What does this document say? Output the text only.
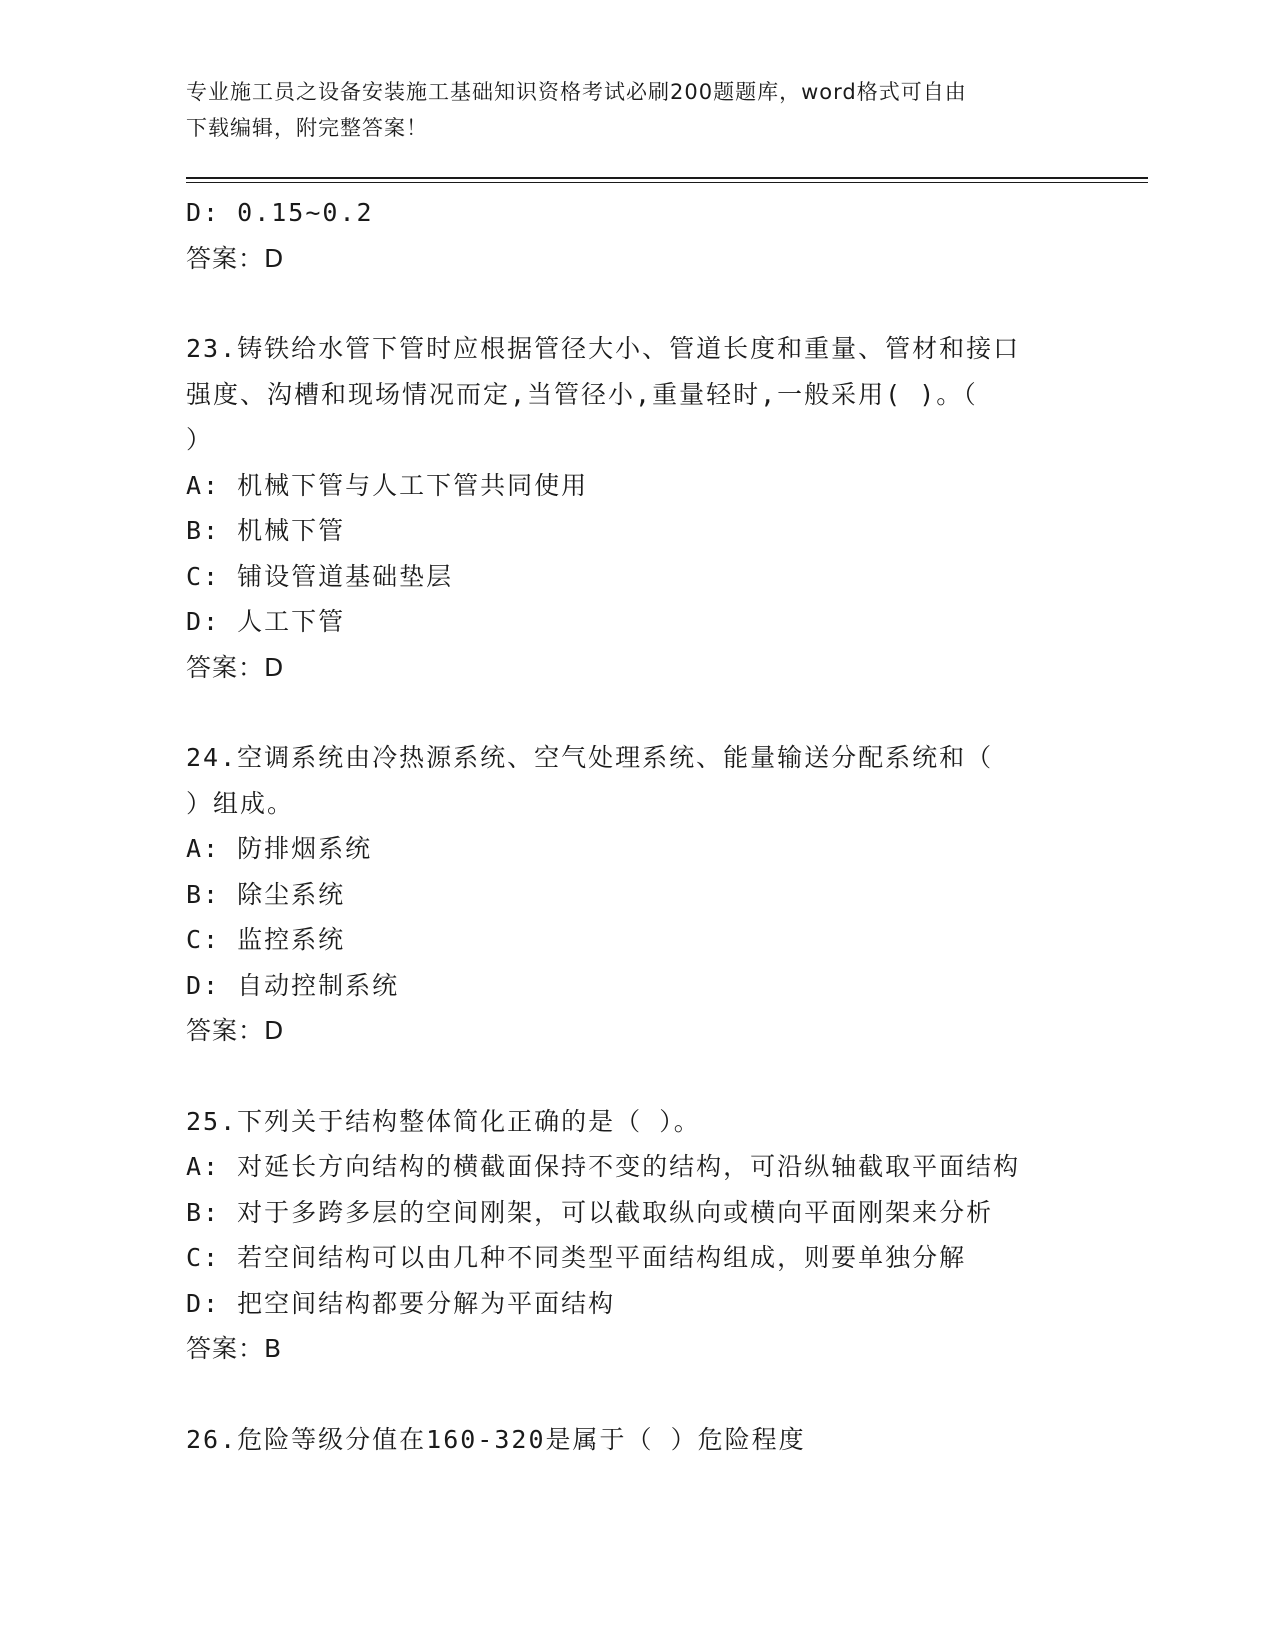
专业施工员之设备安装施工基础知识资格考试必刷200题题库，word格式可自由
下载编辑，附完整答案！
D: 0.15~0.2
答案：D
23.铸铁给水管下管时应根据管径大小、管道长度和重量、管材和接口
强度、沟槽和现场情况而定,当管径小,重量轻时,一般采用( )。（
）
A: 机械下管与人工下管共同使用
B: 机械下管
C: 铺设管道基础垫层
D: 人工下管
答案：D
24.空调系统由冷热源系统、空气处理系统、能量输送分配系统和（
）组成。
A: 防排烟系统
B: 除尘系统
C: 监控系统
D: 自动控制系统
答案：D
25.下列关于结构整体简化正确的是（ ）。
A: 对延长方向结构的横截面保持不变的结构，可沿纵轴截取平面结构
B: 对于多跨多层的空间刚架，可以截取纵向或横向平面刚架来分析
C: 若空间结构可以由几种不同类型平面结构组成，则要单独分解
D: 把空间结构都要分解为平面结构
答案：B
26.危险等级分值在160-320是属于（ ）危险程度
